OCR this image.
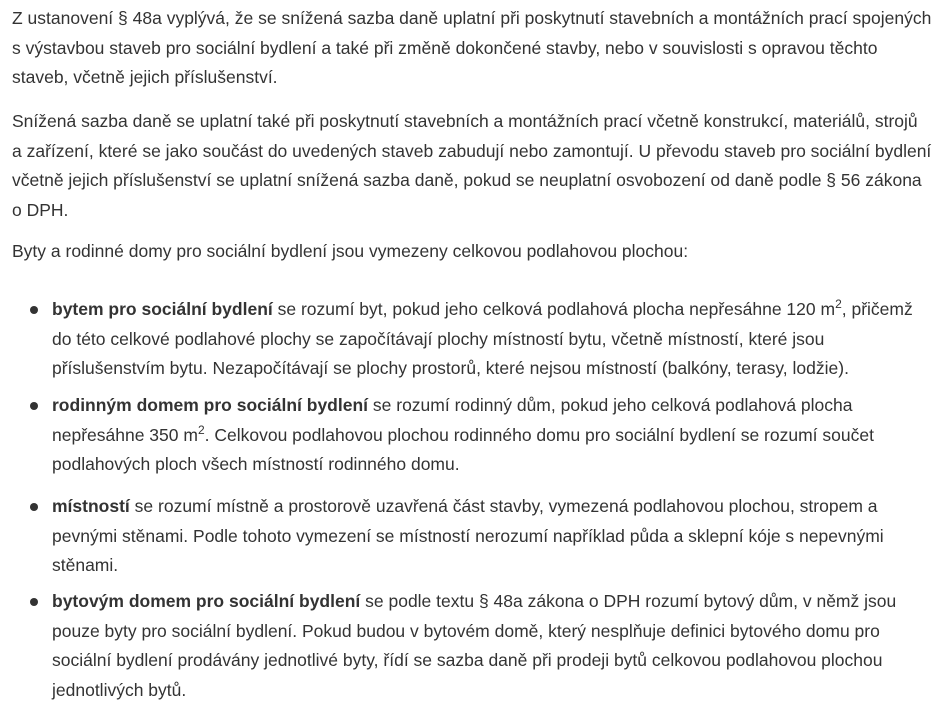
Z ustanovení § 48a vyplývá, že se snížená sazba daně uplatní při poskytnutí stavebních a montážních prací spojených s výstavbou staveb pro sociální bydlení a také při změně dokončené stavby, nebo v souvislosti s opravou těchto staveb, včetně jejich příslušenství.

Snížená sazba daně se uplatní také při poskytnutí stavebních a montážních prací včetně konstrukcí, materiálů, strojů a zařízení, které se jako součást do uvedených staveb zabudují nebo zamontují. U převodu staveb pro sociální bydlení včetně jejich příslušenství se uplatní snížená sazba daně, pokud se neuplatní osvobození od daně podle § 56 zákona o DPH.

Byty a rodinné domy pro sociální bydlení jsou vymezeny celkovou podlahovou plochou:

bytem pro sociální bydlení se rozumí byt, pokud jeho celková podlahová plocha nepřesáhne 120 $m^2$, přičemž do této celkové podlahové plochy se započítávají plochy místností bytu, včetně místností, které jsou příslušenstvím bytu. Nezapočítávají se plochy prostorů, které nejsou místností (balkóny, terasy, lodžie).
rodinným domem pro sociální bydlení se rozumí rodinný dům, pokud jeho celková podlahová plocha nepřesáhne 350 $m^2$. Celkovou podlahovou plochou rodinného domu pro sociální bydlení se rozumí součet podlahových ploch všech místností rodinného domu.
místností se rozumí místně a prostorově uzavřená část stavby, vymezená podlahovou plochou, stropem a pevnými stěnami. Podle tohoto vymezení se místností nerozumí například půda a sklepní kóje s nepevnými stěnami.
bytovým domem pro sociální bydlení se podle textu § 48a zákona o DPH rozumí bytový dům, v němž jsou pouze byty pro sociální bydlení. Pokud budou v bytovém domě, který nesplňuje definici bytového domu pro sociální bydlení prodávány jednotlivé byty, řídí se sazba daně při prodeji bytů celkovou podlahovou plochou jednotlivých bytů.
